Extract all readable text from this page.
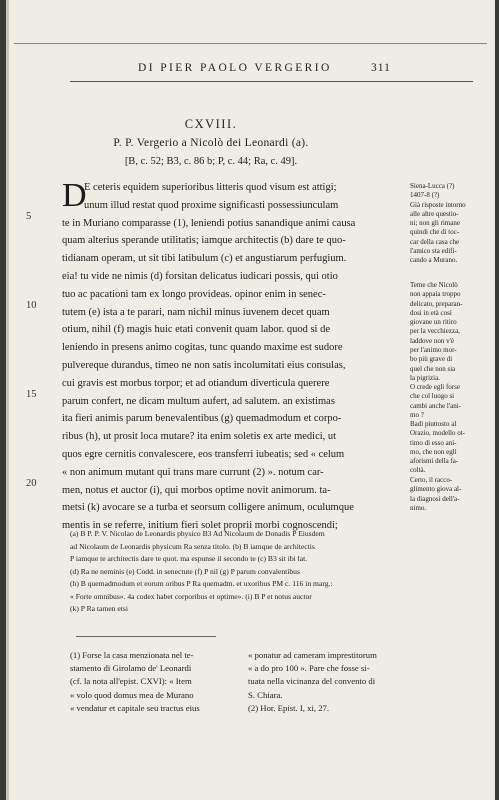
DI PIER PAOLO VERGERIO	311
CXVIII.
P. P. Vergerio a Nicolò dei Leonardi (a).
[B, c. 52; B3, c. 86 b; P, c. 44; Ra, c. 49].
D
E ceteris equidem superioribus litteris quod visum est attigi;
unum illud restat quod proxime significasti possessiunculam
te in Muriano comparasse (1), leniendi potius sanandique animi causa
quam alterius sperande utilitatis; iamque architectis (b) dare te quo-
tidianam operam, ut sit tibi latibulum (c) et angustiarum perfugium.
eia! tu vide ne nimis (d) forsitan delicatus iudicari possis, qui otio
tuo ac pacationi tam ex longo provideas. opinor enim in senec-
tutem (e) ista a te parari, nam nichil minus iuvenem decet quam
otium, nihil (f) magis huic etati convenit quam labor. quod si de
leniendo in presens animo cogitas, tunc quando maxime est sudore
pulvereque durandus, timeo ne non satis incolumitati eius consulas,
cui gravis est morbus torpor; et ad otiandum diverticula querere
parum confert, ne dicam multum aufert, ad salutem. an existimas
ita fieri animis parum benevalentibus (g) quemadmodum et corpo-
ribus (h), ut prosit loca mutare? ita enim soletis ex arte medici, ut
quos egre cernitis convalescere, eos transferri iubeatis; sed « celum
« non animum mutant qui trans mare currunt (2) ». notum car-
men, notus et auctor (i), qui morbos optime novit animorum. ta-
metsi (k) avocare se a turba et seorsum colligere animum, oculumque
mentis in se referre, initium fieri solet proprii morbi cognoscendi;
5
10
15
20
Siena-Lucca (?)
1407-8 (?)
Già risposte intorno
alle altre questio-
ni; non gli rimane
quindi che di toc-
car della casa che
l'amico sta edifi-
cando a Murano.
Teme che Nicolò
non appaia troppo
delicato, preparan-
dosi in età così
giovane un ritiro
per la vecchiezza,
laddove non v'è
per l'animo mor-
bo più grave di
quel che non sia
la pigrizia.
O crede egli forse
che col luogo si
cambi anche l'ani-
mo ?
Badi piuttosto al
Orazio, modello ot-
timo di esso ani-
mo, che non egli
aforismi della fa-
coltà.
Certo, il raccο-
glimento giova al-
la diagnosi dell'a-
nimo.
(a) B P. P. V. Nicolao de Leonardis physico B3 Ad Nicolaum de Donadis P Eiusdem
ad Nicolaum de Leonardis physicum Ra senza titolo. (b) B iamque de architectis
P iamque te architectis dare te quot. ma espunse il secondo te (c) B3 sit ibi lat.
(d) Ra ne neminis (e) Codd. in senectute (f) P nil (g) P parum convalentibus
(h) B quemadmodum et eorum oribus P Ra quemadm. et uxoribus PM c. 116 in marg.:
« Forte omnibus». 4a codex habet corporibus et optime». (i) B P et notus auctor
(k) P Ra tamen etsi
(1) Forse la casa menzionata nel te-
stamento di Girolamo de' Leonardi
(cf. la nota all'epist. CXVI): « Item
« volo quod domus mea de Murano
« vendatur et capitale seu tractus eius
« ponatur ad cameram imprestitorum
« a do pro 100 ». Pare che fosse si-
tuata nella vicinanza del convento di
S. Chiara.
(2) Hor. Epist. I, xi, 27.
